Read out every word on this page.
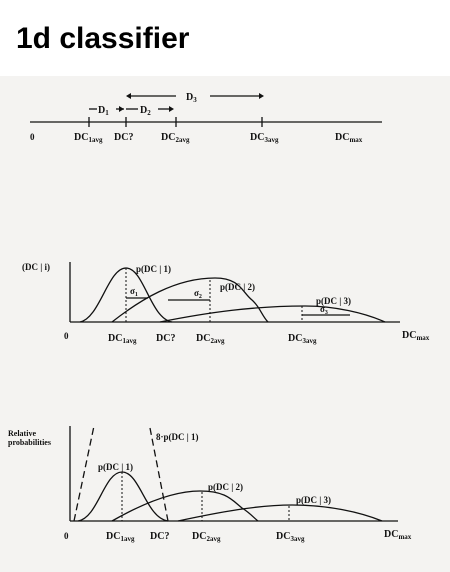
1d classifier
0	$DC_{1avg}$ DC?	$DC_{2avg}$	$DC_{3avg}$	$DC_{max}$
$D_1$	$D_2$
$D_3$
(DC | i)
0
$\sigma_1$	$\sigma_2$
$\sigma_3$
p(DC | 1)
p(DC | 2)
p(DC | 3)
$DC_{1avg}$ DC? $DC_{2avg}$	$DC_{3avg}$	$DC_{max}$
Relative
probabilities
0
8·p(DC | 1)
p(DC | 1)
p(DC | 2)
p(DC | 3)
$DC_{1avg}$ DC? $DC_{2avg}$	$DC_{3avg}$	$DC_{max}$
